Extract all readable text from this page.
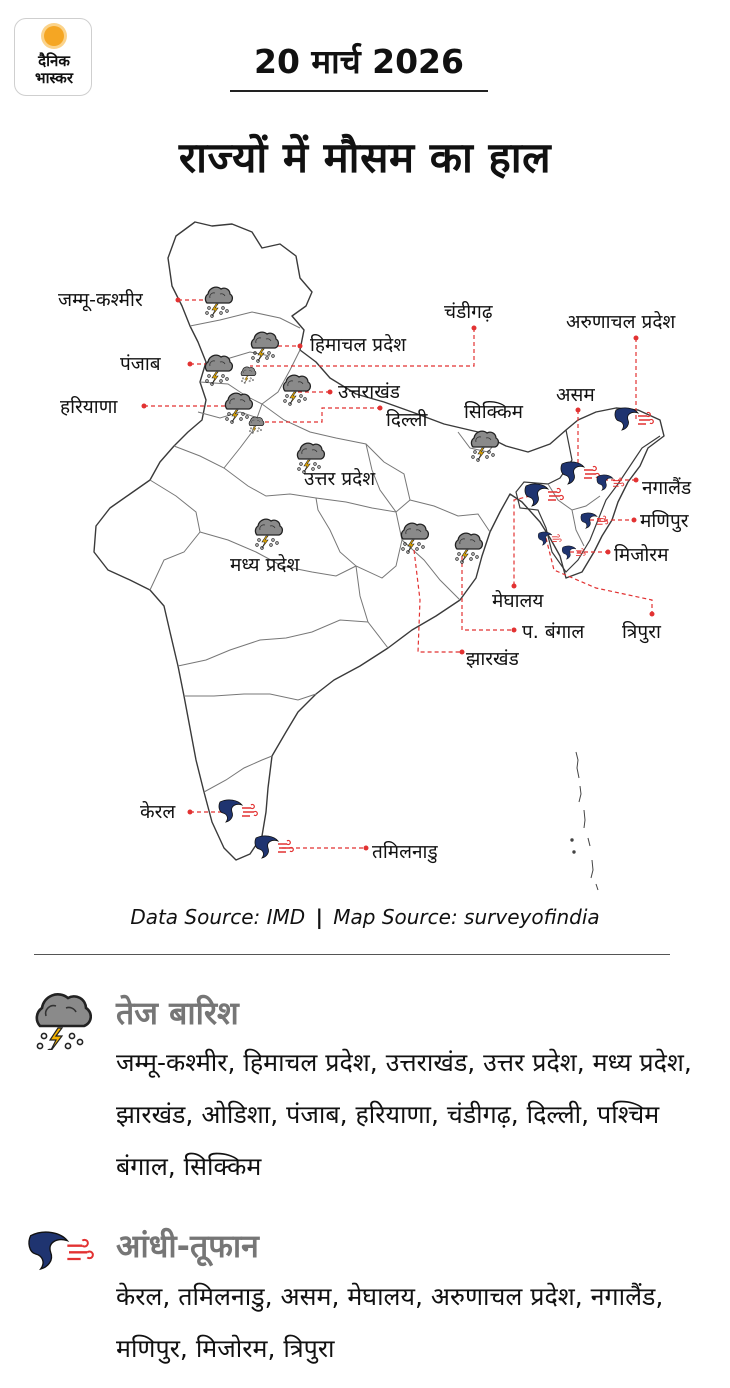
दैनिक
भास्कर	20 मार्च 2026
राज्यों में मौसम का हाल
जम्मू-कश्मीर
चंडीगढ़	अरुणाचल प्रदेश
हिमाचल प्रदेश
पंजाब
उत्तराखंड	असम
हरियाणा
दिल्ली सिक्किम
उत्तर प्रदेश	नगालैंड
मणिपुर
मिजोरम
मध्य प्रदेश
मेघालय
प. बंगाल त्रिपुरा
झारखंड
केरल
तमिलनाडु
Data Source: IMD | Map Source: surveyofindia
तेज बारिश
जम्मू-कश्मीर, हिमाचल प्रदेश, उत्तराखंड, उत्तर प्रदेश, मध्य प्रदेश, झारखंड, ओडिशा, पंजाब, हरियाणा, चंडीगढ़, दिल्ली, पश्चिम बंगाल, सिक्किम
आंधी-तूफान
केरल, तमिलनाडु, असम, मेघालय, अरुणाचल प्रदेश, नगालैंड, मणिपुर, मिजोरम, त्रिपुरा
